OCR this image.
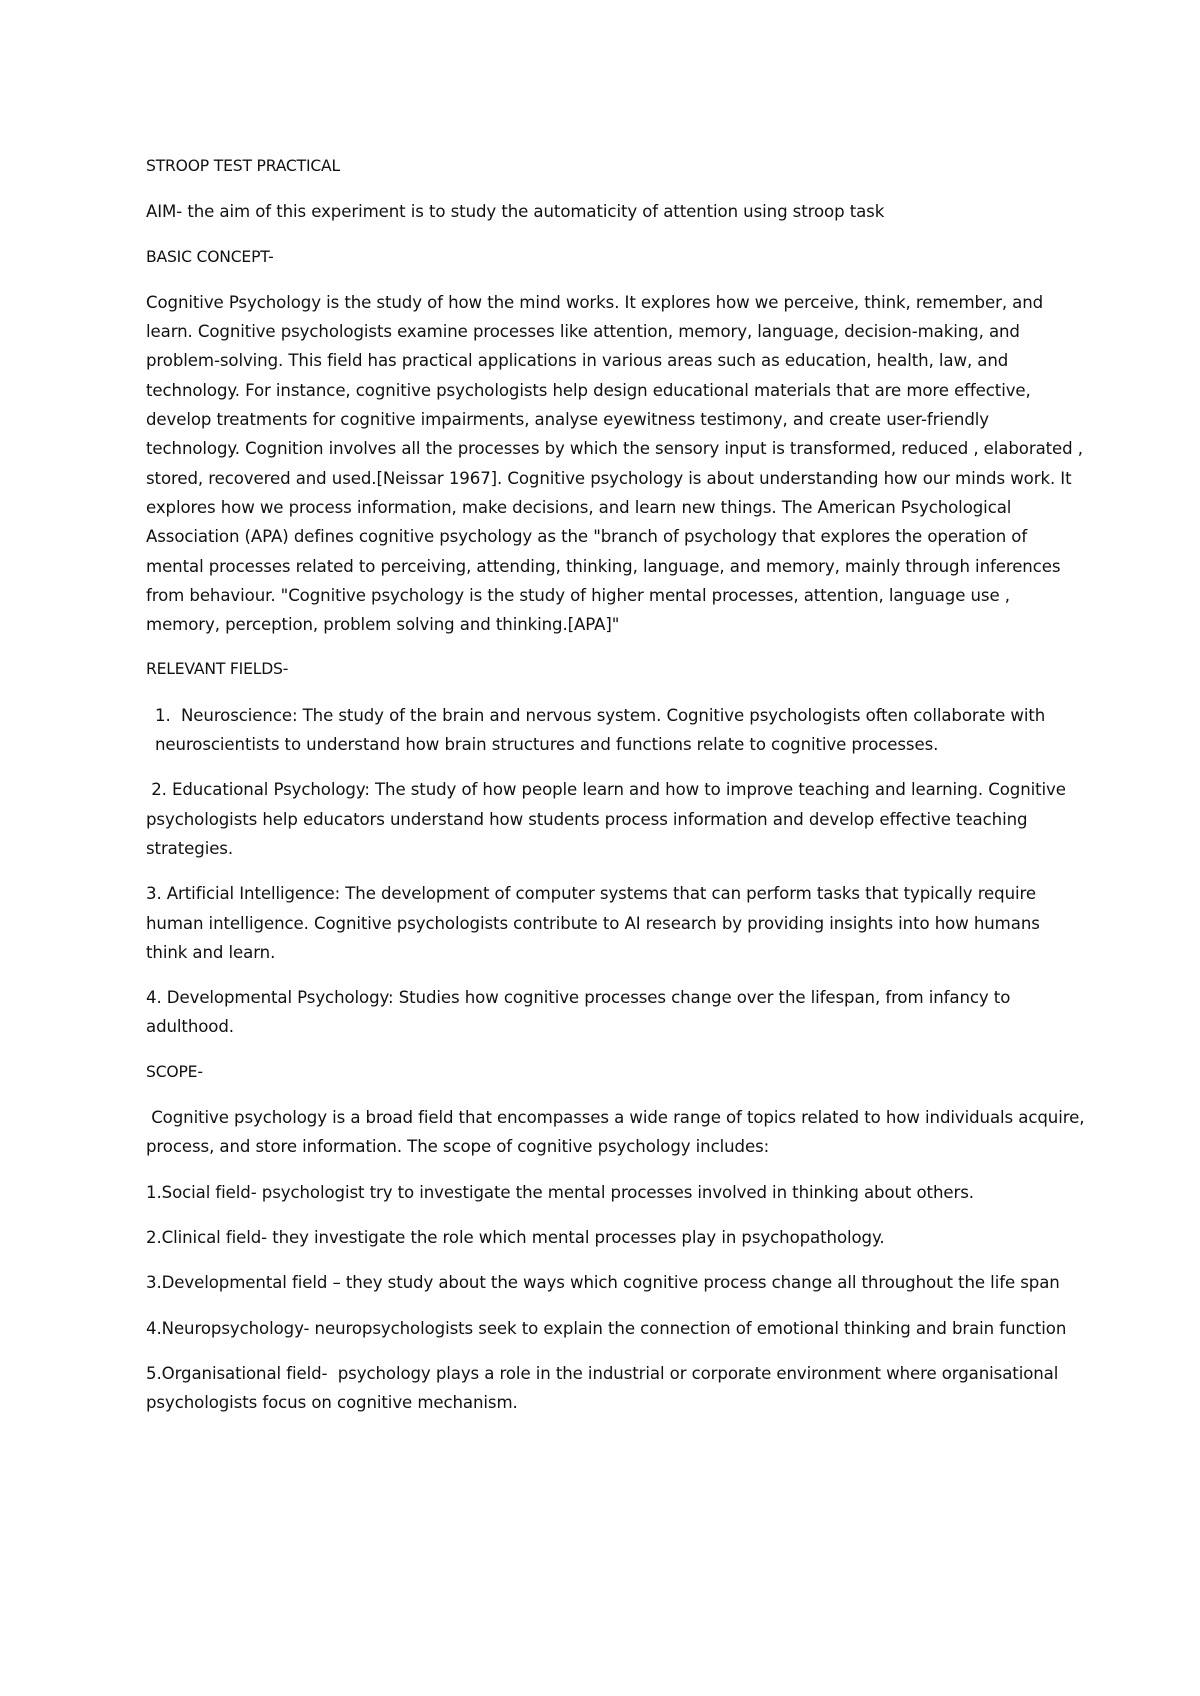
STROOP TEST PRACTICAL

AIM- the aim of this experiment is to study the automaticity of attention using stroop task

BASIC CONCEPT-

Cognitive Psychology is the study of how the mind works. It explores how we perceive, think, remember, and learn. Cognitive psychologists examine processes like attention, memory, language, decision-making, and problem-solving. This field has practical applications in various areas such as education, health, law, and technology. For instance, cognitive psychologists help design educational materials that are more effective, develop treatments for cognitive impairments, analyse eyewitness testimony, and create user-friendly technology. Cognition involves all the processes by which the sensory input is transformed, reduced , elaborated , stored, recovered and used.[Neissar 1967]. Cognitive psychology is about understanding how our minds work. It explores how we process information, make decisions, and learn new things. The American Psychological Association (APA) defines cognitive psychology as the "branch of psychology that explores the operation of mental processes related to perceiving, attending, thinking, language, and memory, mainly through inferences from behaviour. "Cognitive psychology is the study of higher mental processes, attention, language use , memory, perception, problem solving and thinking.[APA]"

RELEVANT FIELDS-

1.  Neuroscience: The study of the brain and nervous system. Cognitive psychologists often collaborate with neuroscientists to understand how brain structures and functions relate to cognitive processes.

2. Educational Psychology: The study of how people learn and how to improve teaching and learning. Cognitive psychologists help educators understand how students process information and develop effective teaching strategies.

3. Artificial Intelligence: The development of computer systems that can perform tasks that typically require human intelligence. Cognitive psychologists contribute to AI research by providing insights into how humans think and learn.

4. Developmental Psychology: Studies how cognitive processes change over the lifespan, from infancy to adulthood.

SCOPE-

Cognitive psychology is a broad field that encompasses a wide range of topics related to how individuals acquire, process, and store information. The scope of cognitive psychology includes:

1.Social field- psychologist try to investigate the mental processes involved in thinking about others.

2.Clinical field- they investigate the role which mental processes play in psychopathology.

3.Developmental field – they study about the ways which cognitive process change all throughout the life span

4.Neuropsychology- neuropsychologists seek to explain the connection of emotional thinking and brain function

5.Organisational field-  psychology plays a role in the industrial or corporate environment where organisational psychologists focus on cognitive mechanism.
